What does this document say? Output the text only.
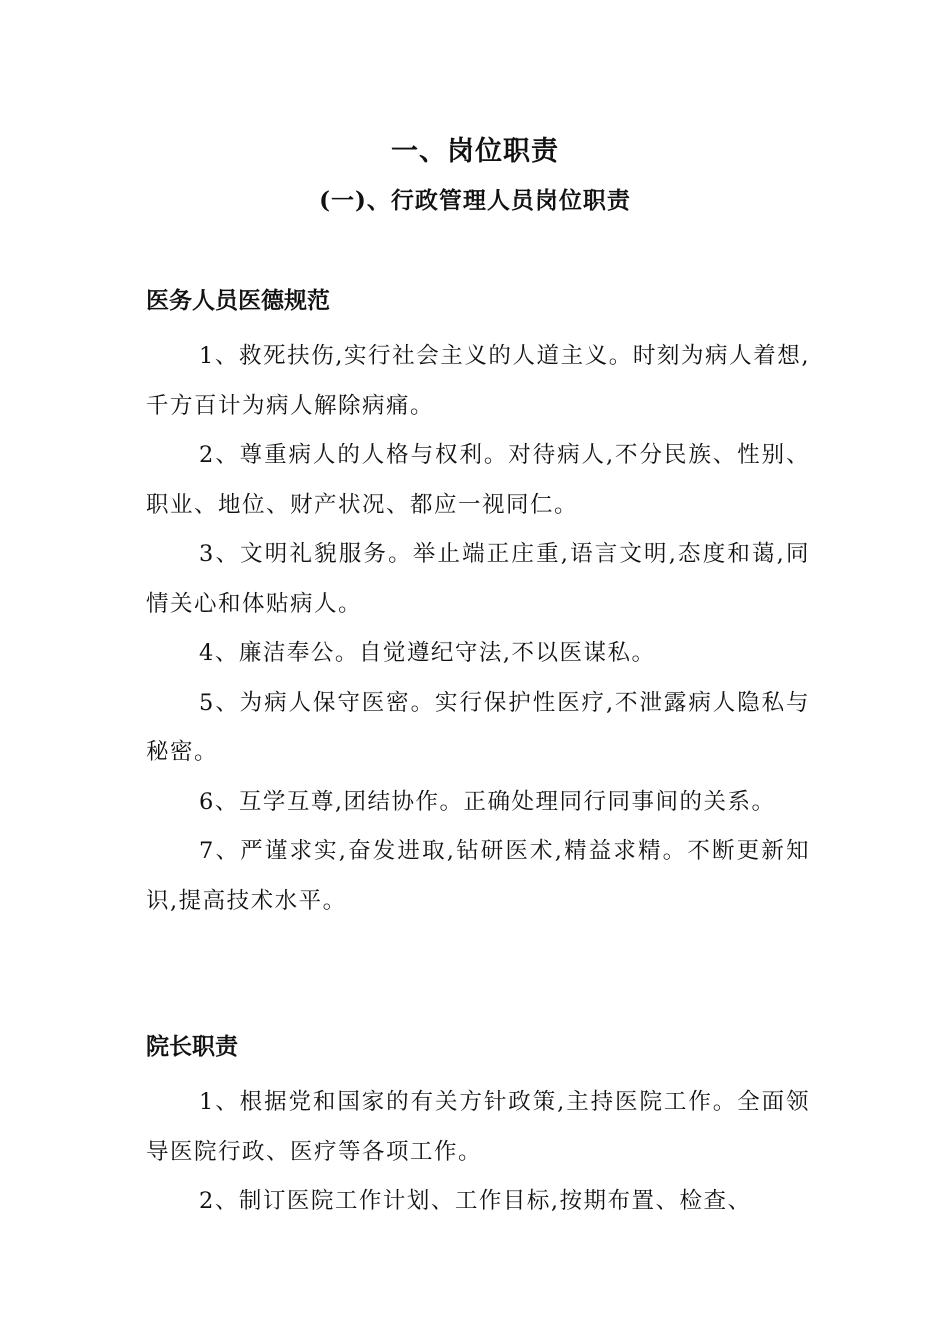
一、岗位职责
(一)、行政管理人员岗位职责
医务人员医德规范

1、救死扶伤,实行社会主义的人道主义。时刻为病人着想,千方百计为病人解除病痛。

2、尊重病人的人格与权利。对待病人,不分民族、性别、职业、地位、财产状况、都应一视同仁。

3、文明礼貌服务。举止端正庄重,语言文明,态度和蔼,同情关心和体贴病人。

4、廉洁奉公。自觉遵纪守法,不以医谋私。

5、为病人保守医密。实行保护性医疗,不泄露病人隐私与秘密。

6、互学互尊,团结协作。正确处理同行同事间的关系。

7、严谨求实,奋发进取,钻研医术,精益求精。不断更新知识,提高技术水平。

院长职责

1、根据党和国家的有关方针政策,主持医院工作。全面领导医院行政、医疗等各项工作。

2、制订医院工作计划、工作目标,按期布置、检查、
